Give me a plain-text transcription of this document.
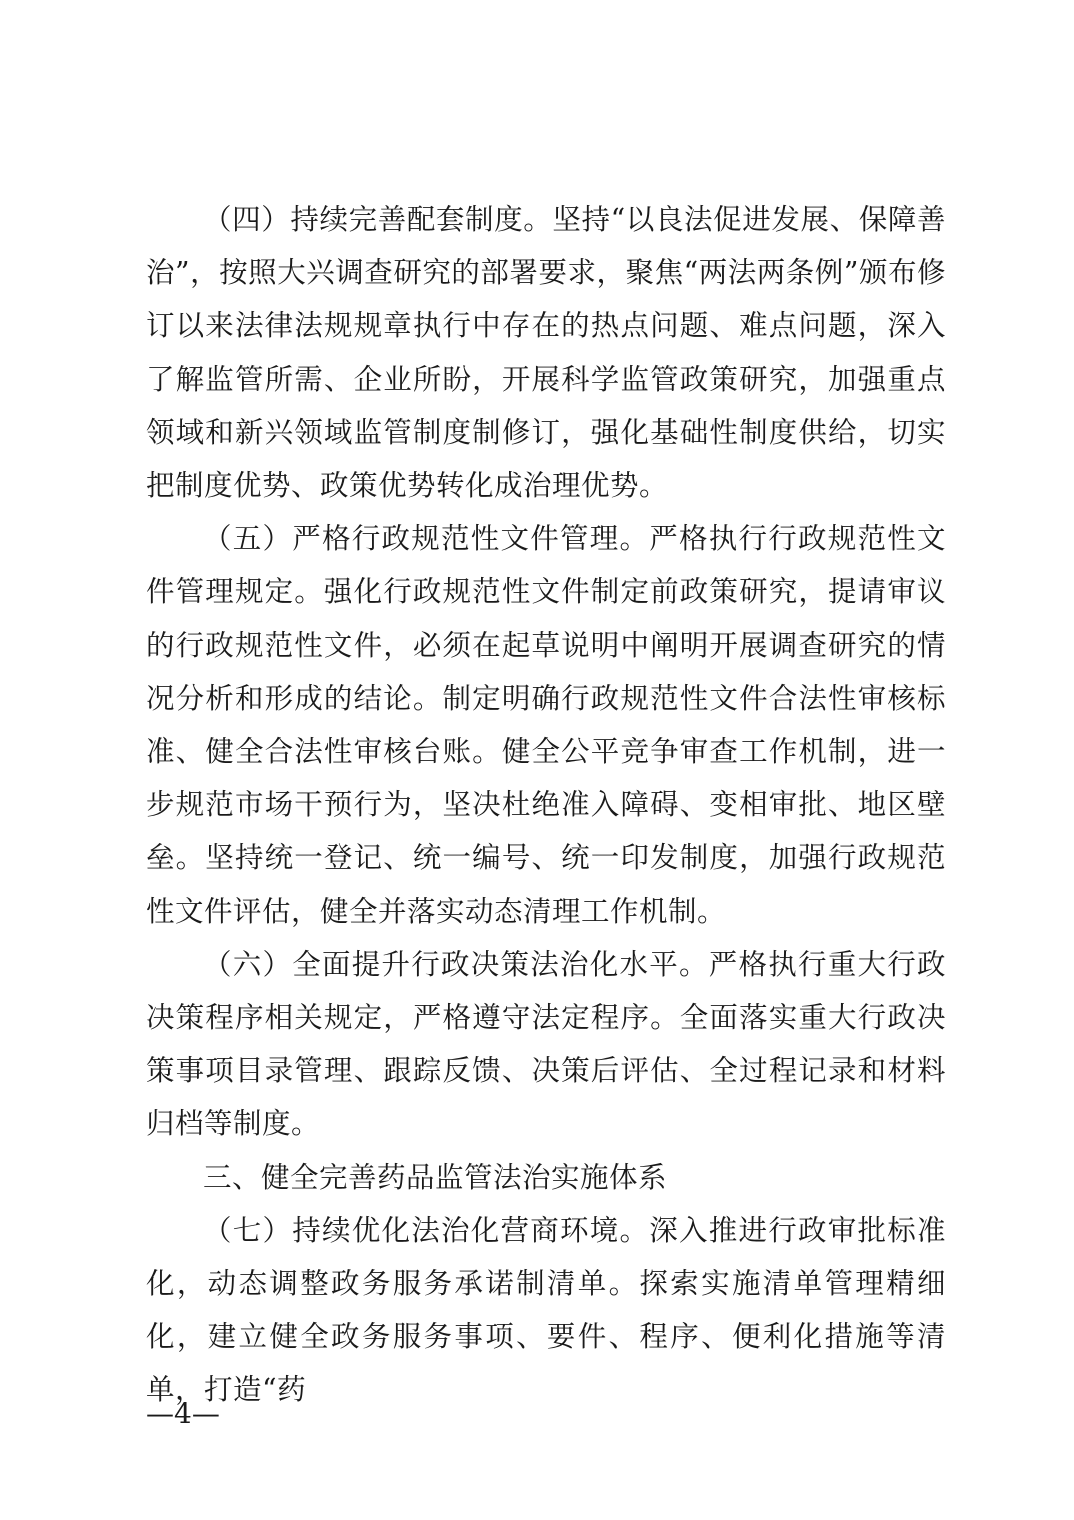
（四）持续完善配套制度。坚持“以良法促进发展、保障善治”，按照大兴调查研究的部署要求，聚焦“两法两条例”颁布修订以来法律法规规章执行中存在的热点问题、难点问题，深入了解监管所需、企业所盼，开展科学监管政策研究，加强重点领域和新兴领域监管制度制修订，强化基础性制度供给，切实把制度优势、政策优势转化成治理优势。

（五）严格行政规范性文件管理。严格执行行政规范性文件管理规定。强化行政规范性文件制定前政策研究，提请审议的行政规范性文件，必须在起草说明中阐明开展调查研究的情况分析和形成的结论。制定明确行政规范性文件合法性审核标准、健全合法性审核台账。健全公平竞争审查工作机制，进一步规范市场干预行为，坚决杜绝准入障碍、变相审批、地区壁垒。坚持统一登记、统一编号、统一印发制度，加强行政规范性文件评估，健全并落实动态清理工作机制。

（六）全面提升行政决策法治化水平。严格执行重大行政决策程序相关规定，严格遵守法定程序。全面落实重大行政决策事项目录管理、跟踪反馈、决策后评估、全过程记录和材料归档等制度。

三、健全完善药品监管法治实施体系

（七）持续优化法治化营商环境。深入推进行政审批标准化，动态调整政务服务承诺制清单。探索实施清单管理精细化，建立健全政务服务事项、要件、程序、便利化措施等清单，打造“药

—4—
